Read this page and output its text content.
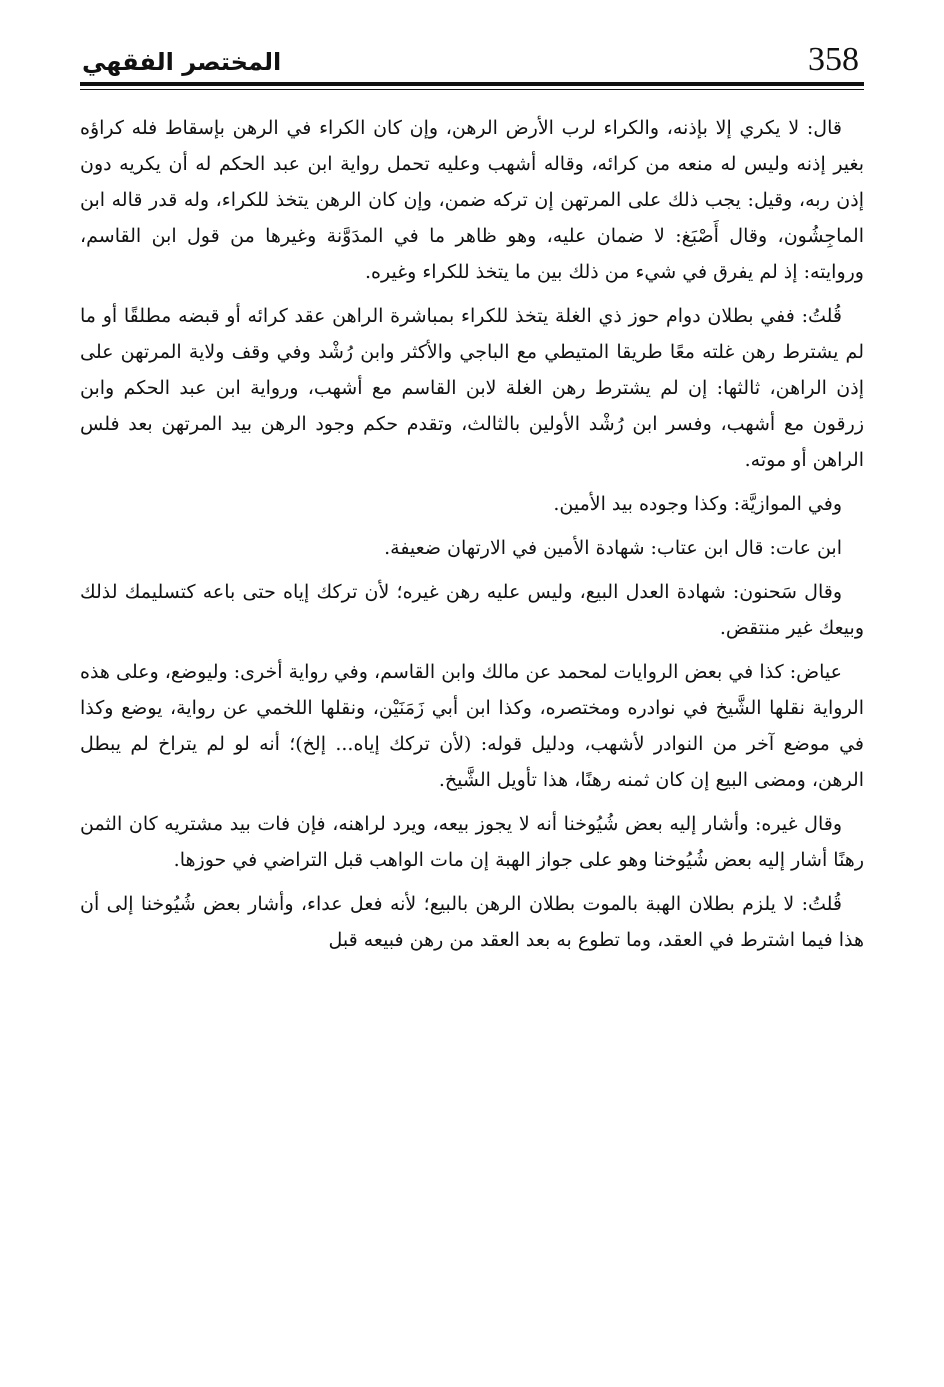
358
المختصر الفقهي

قال: لا يكري إلا بإذنه، والكراء لرب الأرض الرهن، وإن كان الكراء في الرهن بإسقاط فله كراؤه بغير إذنه وليس له منعه من كرائه، وقاله أشهب وعليه تحمل رواية ابن عبد الحكم له أن يكريه دون إذن ربه، وقيل: يجب ذلك على المرتهن إن تركه ضمن، وإن كان الرهن يتخذ للكراء، وله قدر قاله ابن الماجِشُون، وقال أَصْبَغ: لا ضمان عليه، وهو ظاهر ما في المدَوَّنة وغيرها من قول ابن القاسم، وروايته: إذ لم يفرق في شيء من ذلك بين ما يتخذ للكراء وغيره.

قُلتُ: ففي بطلان دوام حوز ذي الغلة يتخذ للكراء بمباشرة الراهن عقد كرائه أو قبضه مطلقًا أو ما لم يشترط رهن غلته معًا طريقا المتيطي مع الباجي والأكثر وابن رُشْد وفي وقف ولاية المرتهن على إذن الراهن، ثالثها: إن لم يشترط رهن الغلة لابن القاسم مع أشهب، ورواية ابن عبد الحكم وابن زرقون مع أشهب، وفسر ابن رُشْد الأولين بالثالث، وتقدم حكم وجود الرهن بيد المرتهن بعد فلس الراهن أو موته.

وفي الموازيَّة: وكذا وجوده بيد الأمين.

ابن عات: قال ابن عتاب: شهادة الأمين في الارتهان ضعيفة.

وقال سَحنون: شهادة العدل البيع، وليس عليه رهن غيره؛ لأن تركك إياه حتى باعه كتسليمك لذلك وبيعك غير منتقض.

عياض: كذا في بعض الروايات لمحمد عن مالك وابن القاسم، وفي رواية أخرى: وليوضع، وعلى هذه الرواية نقلها الشَّيخ في نوادره ومختصره، وكذا ابن أبي زَمَنَيْن، ونقلها اللخمي عن رواية، يوضع وكذا في موضع آخر من النوادر لأشهب، ودليل قوله: (لأن تركك إياه... إلخ)؛ أنه لو لم يتراخ لم يبطل الرهن، ومضى البيع إن كان ثمنه رهنًا، هذا تأويل الشَّيخ.

وقال غيره: وأشار إليه بعض شُيُوخنا أنه لا يجوز بيعه، ويرد لراهنه، فإن فات بيد مشتريه كان الثمن رهنًا أشار إليه بعض شُيُوخنا وهو على جواز الهبة إن مات الواهب قبل التراضي في حوزها.

قُلتُ: لا يلزم بطلان الهبة بالموت بطلان الرهن بالبيع؛ لأنه فعل عداء، وأشار بعض شُيُوخنا إلى أن هذا فيما اشترط في العقد، وما تطوع به بعد العقد من رهن فبيعه قبل
